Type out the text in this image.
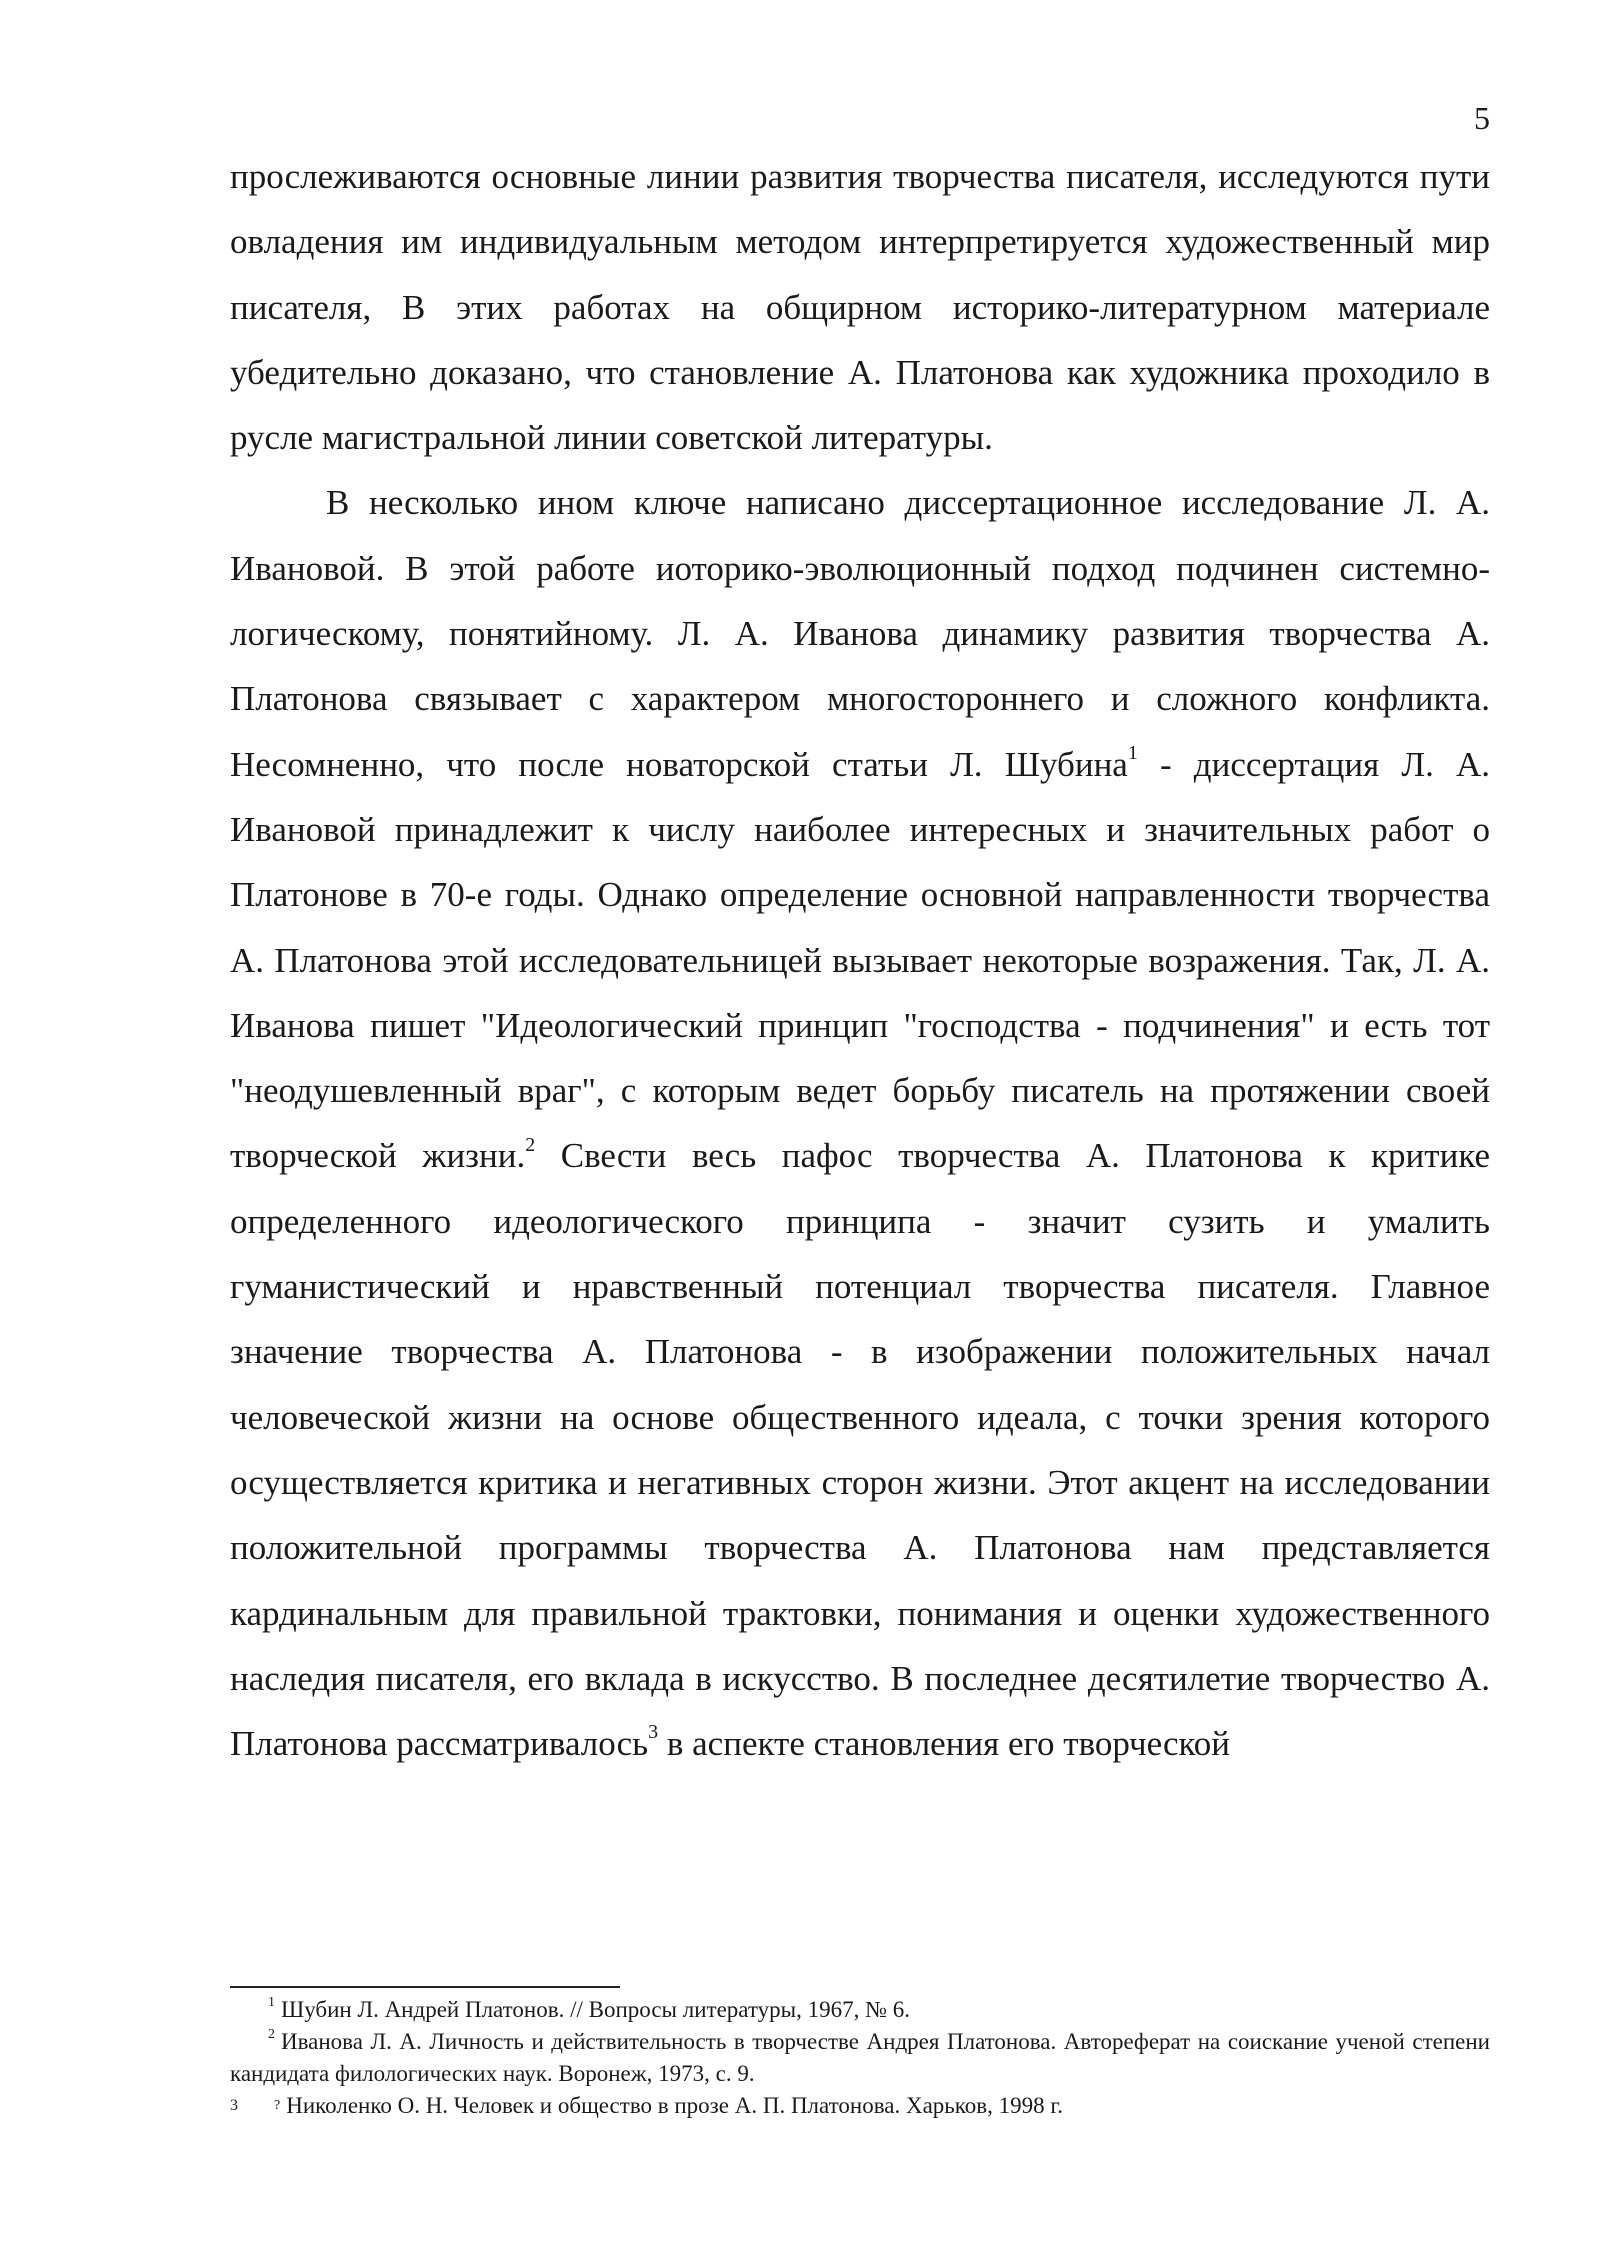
5

прослеживаются основные линии развития творчества писателя, исследуются пути овладения им индивидуальным методом интерпретируется художественный мир писателя, В этих работах на общирном историко-литературном материале убедительно доказано, что становление А. Платонова как художника проходило в русле магистральной линии советской литературы.

В несколько ином ключе написано диссертационное исследование Л. А. Ивановой. В этой работе иоторико-эволюционный подход подчинен системно-логическому, понятийному. Л. А. Иванова динамику развития творчества А. Платонова связывает с характером многостороннего и сложного конфликта. Несомненно, что после новаторской статьи Л. Шубина$^1$ - диссертация Л. А. Ивановой принадлежит к числу наиболее интересных и значительных работ о Платонове в 70-е годы. Однако определение основной направленности творчества А. Платонова этой исследовательницей вызывает некоторые возражения. Так, Л. А. Иванова пишет "Идеологический принцип "господства - подчинения" и есть тот "неодушевленный враг", с которым ведет борьбу писатель на протяжении своей творческой жизни.$^2$ Свести весь пафос творчества А. Платонова к критике определенного идеологического принципа - значит сузить и умалить гуманистический и нравственный потенциал творчества писателя. Главное значение творчества А. Платонова - в изображении положительных начал человеческой жизни на основе общественного идеала, с точки зрения которого осуществляется критика и негативных сторон жизни. Этот акцент на исследовании положительной программы творчества А. Платонова нам представляется кардинальным для правильной трактовки, понимания и оценки художественного наследия писателя, его вклада в искусство. В последнее десятилетие творчество А. Платонова рассматривалось$^3$ в аспекте становления его творческой

$^1$ Шубин Л. Андрей Платонов. // Вопросы литературы, 1967, № 6.

$^2$ Иванова Л. А. Личность и действительность в творчестве Андрея Платонова. Автореферат на соискание ученой степени кандидата филологических наук. Воронеж, 1973, с. 9.

3	? Николенко О. Н. Человек и общество в прозе А. П. Платонова. Харьков, 1998 г.
